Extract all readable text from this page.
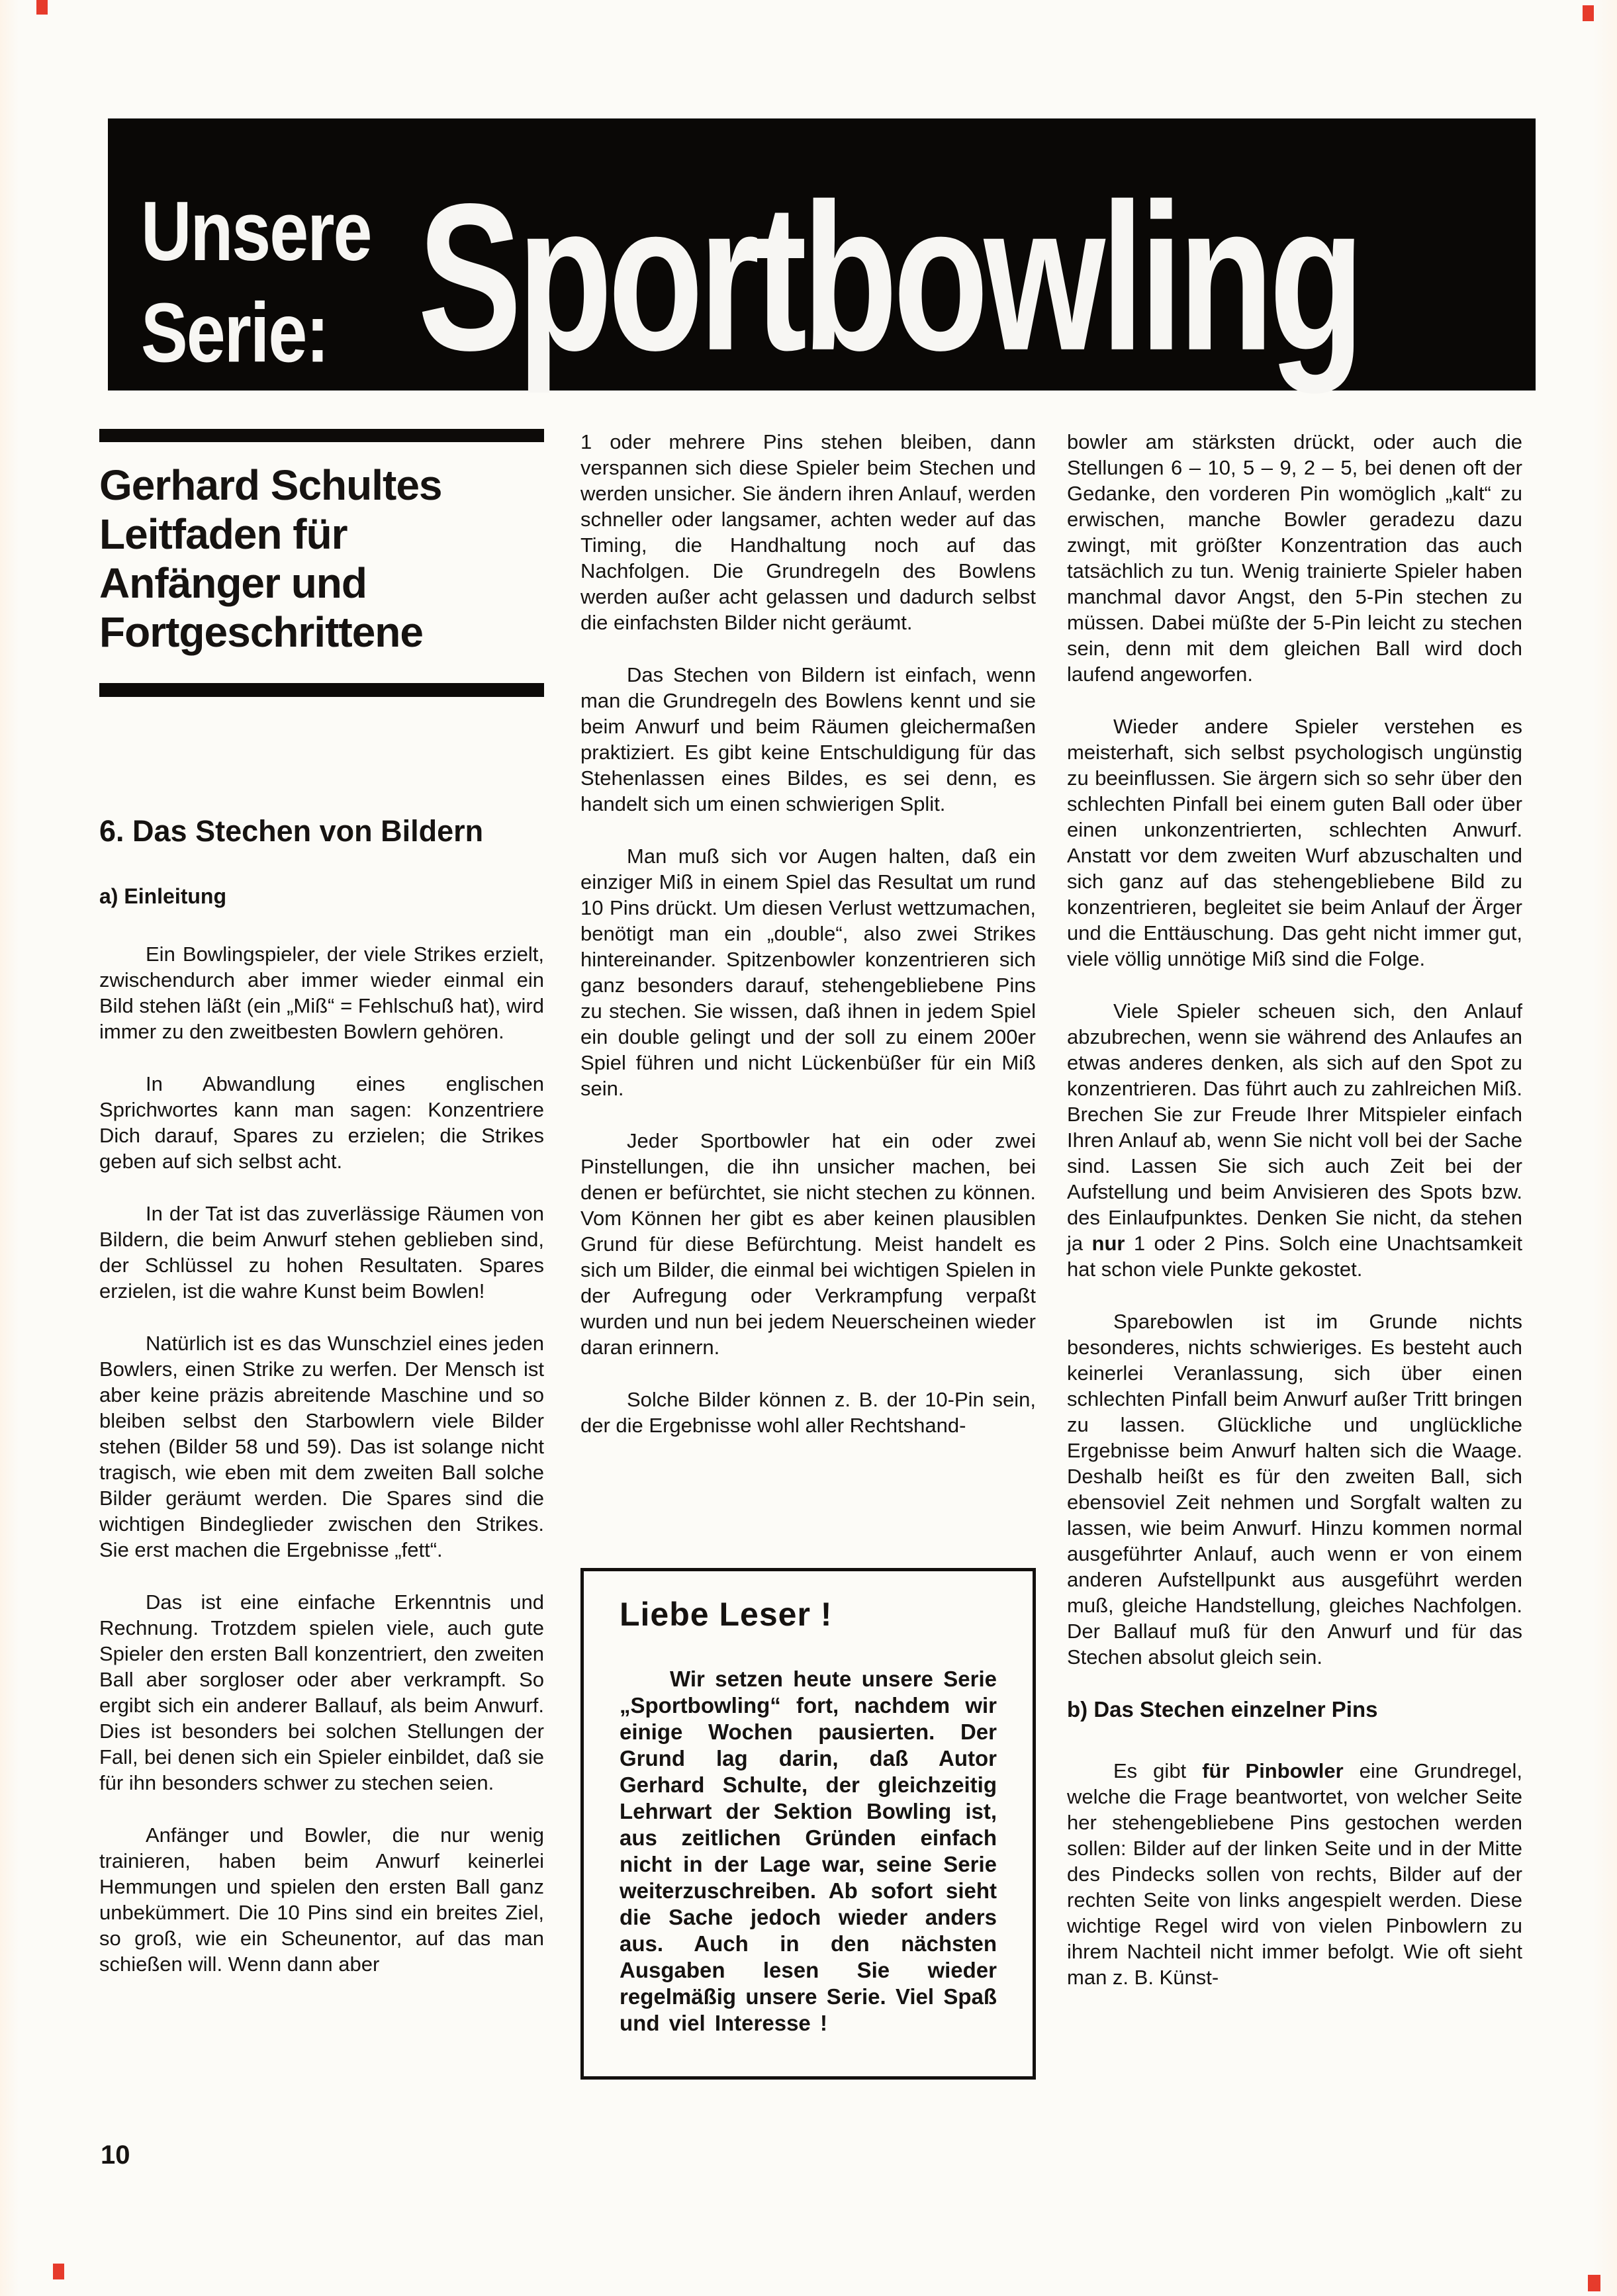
Unsere
Serie: Sportbowling
Gerhard Schultes
Leitfaden für
Anfänger und
Fortgeschrittene
6. Das Stechen von Bildern
a) Einleitung

Ein Bowlingspieler, der viele Strikes erzielt, zwischendurch aber immer wieder einmal ein Bild stehen läßt (ein „Miß“ = Fehlschuß hat), wird immer zu den zweitbesten Bowlern gehören.

In Abwandlung eines englischen Sprichwortes kann man sagen: Konzentriere Dich darauf, Spares zu erzielen; die Strikes geben auf sich selbst acht.

In der Tat ist das zuverlässige Räumen von Bildern, die beim Anwurf stehen geblieben sind, der Schlüssel zu hohen Resultaten. Spares erzielen, ist die wahre Kunst beim Bowlen!

Natürlich ist es das Wunschziel eines jeden Bowlers, einen Strike zu werfen. Der Mensch ist aber keine präzis abreitende Maschine und so bleiben selbst den Starbowlern viele Bilder stehen (Bilder 58 und 59). Das ist solange nicht tragisch, wie eben mit dem zweiten Ball solche Bilder geräumt werden. Die Spares sind die wichtigen Bindeglieder zwischen den Strikes. Sie erst machen die Ergebnisse „fett“.

Das ist eine einfache Erkenntnis und Rechnung. Trotzdem spielen viele, auch gute Spieler den ersten Ball konzentriert, den zweiten Ball aber sorgloser oder aber verkrampft. So ergibt sich ein anderer Ballauf, als beim Anwurf. Dies ist besonders bei solchen Stellungen der Fall, bei denen sich ein Spieler einbildet, daß sie für ihn besonders schwer zu stechen seien.

Anfänger und Bowler, die nur wenig trainieren, haben beim Anwurf keinerlei Hemmungen und spielen den ersten Ball ganz unbekümmert. Die 10 Pins sind ein breites Ziel, so groß, wie ein Scheunentor, auf das man schießen will. Wenn dann aber

1 oder mehrere Pins stehen bleiben, dann verspannen sich diese Spieler beim Stechen und werden unsicher. Sie ändern ihren Anlauf, werden schneller oder langsamer, achten weder auf das Timing, die Handhaltung noch auf das Nachfolgen. Die Grundregeln des Bowlens werden außer acht gelassen und dadurch selbst die einfachsten Bilder nicht geräumt.

Das Stechen von Bildern ist einfach, wenn man die Grundregeln des Bowlens kennt und sie beim Anwurf und beim Räumen gleichermaßen praktiziert. Es gibt keine Entschuldigung für das Stehenlassen eines Bildes, es sei denn, es handelt sich um einen schwierigen Split.

Man muß sich vor Augen halten, daß ein einziger Miß in einem Spiel das Resultat um rund 10 Pins drückt. Um diesen Verlust wettzumachen, benötigt man ein „double“, also zwei Strikes hintereinander. Spitzenbowler konzentrieren sich ganz besonders darauf, stehengebliebene Pins zu stechen. Sie wissen, daß ihnen in jedem Spiel ein double gelingt und der soll zu einem 200er Spiel führen und nicht Lückenbüßer für ein Miß sein.

Jeder Sportbowler hat ein oder zwei Pinstellungen, die ihn unsicher machen, bei denen er befürchtet, sie nicht stechen zu können. Vom Können her gibt es aber keinen plausiblen Grund für diese Befürchtung. Meist handelt es sich um Bilder, die einmal bei wichtigen Spielen in der Aufregung oder Verkrampfung verpaßt wurden und nun bei jedem Neuerscheinen wieder daran erinnern.

Solche Bilder können z. B. der 10-Pin sein, der die Ergebnisse wohl aller Rechtshand-

Liebe Leser !

Wir setzen heute unsere Serie „Sportbowling“ fort, nachdem wir einige Wochen pausierten. Der Grund lag darin, daß Autor Gerhard Schulte, der gleichzeitig Lehrwart der Sektion Bowling ist, aus zeitlichen Gründen einfach nicht in der Lage war, seine Serie weiterzuschreiben. Ab sofort sieht die Sache jedoch wieder anders aus. Auch in den nächsten Ausgaben lesen Sie wieder regelmäßig unsere Serie. Viel Spaß und viel Interesse !

bowler am stärksten drückt, oder auch die Stellungen 6 – 10, 5 – 9, 2 – 5, bei denen oft der Gedanke, den vorderen Pin womöglich „kalt“ zu erwischen, manche Bowler geradezu dazu zwingt, mit größter Konzentration das auch tatsächlich zu tun. Wenig trainierte Spieler haben manchmal davor Angst, den 5-Pin stechen zu müssen. Dabei müßte der 5-Pin leicht zu stechen sein, denn mit dem gleichen Ball wird doch laufend angeworfen.

Wieder andere Spieler verstehen es meisterhaft, sich selbst psychologisch ungünstig zu beeinflussen. Sie ärgern sich so sehr über den schlechten Pinfall bei einem guten Ball oder über einen unkonzentrierten, schlechten Anwurf. Anstatt vor dem zweiten Wurf abzuschalten und sich ganz auf das stehengebliebene Bild zu konzentrieren, begleitet sie beim Anlauf der Ärger und die Enttäuschung. Das geht nicht immer gut, viele völlig unnötige Miß sind die Folge.

Viele Spieler scheuen sich, den Anlauf abzubrechen, wenn sie während des Anlaufes an etwas anderes denken, als sich auf den Spot zu konzentrieren. Das führt auch zu zahlreichen Miß. Brechen Sie zur Freude Ihrer Mitspieler einfach Ihren Anlauf ab, wenn Sie nicht voll bei der Sache sind. Lassen Sie sich auch Zeit bei der Aufstellung und beim Anvisieren des Spots bzw. des Einlaufpunktes. Denken Sie nicht, da stehen ja nur 1 oder 2 Pins. Solch eine Unachtsamkeit hat schon viele Punkte gekostet.

Sparebowlen ist im Grunde nichts besonderes, nichts schwieriges. Es besteht auch keinerlei Veranlassung, sich über einen schlechten Pinfall beim Anwurf außer Tritt bringen zu lassen. Glückliche und unglückliche Ergebnisse beim Anwurf halten sich die Waage. Deshalb heißt es für den zweiten Ball, sich ebensoviel Zeit nehmen und Sorgfalt walten zu lassen, wie beim Anwurf. Hinzu kommen normal ausgeführter Anlauf, auch wenn er von einem anderen Aufstellpunkt aus ausgeführt werden muß, gleiche Handstellung, gleiches Nachfolgen. Der Ballauf muß für den Anwurf und für das Stechen absolut gleich sein.

b) Das Stechen einzelner Pins

Es gibt für Pinbowler eine Grundregel, welche die Frage beantwortet, von welcher Seite her stehengebliebene Pins gestochen werden sollen: Bilder auf der linken Seite und in der Mitte des Pindecks sollen von rechts, Bilder auf der rechten Seite von links angespielt werden. Diese wichtige Regel wird von vielen Pinbowlern zu ihrem Nachteil nicht immer befolgt. Wie oft sieht man z. B. Künst-

10
